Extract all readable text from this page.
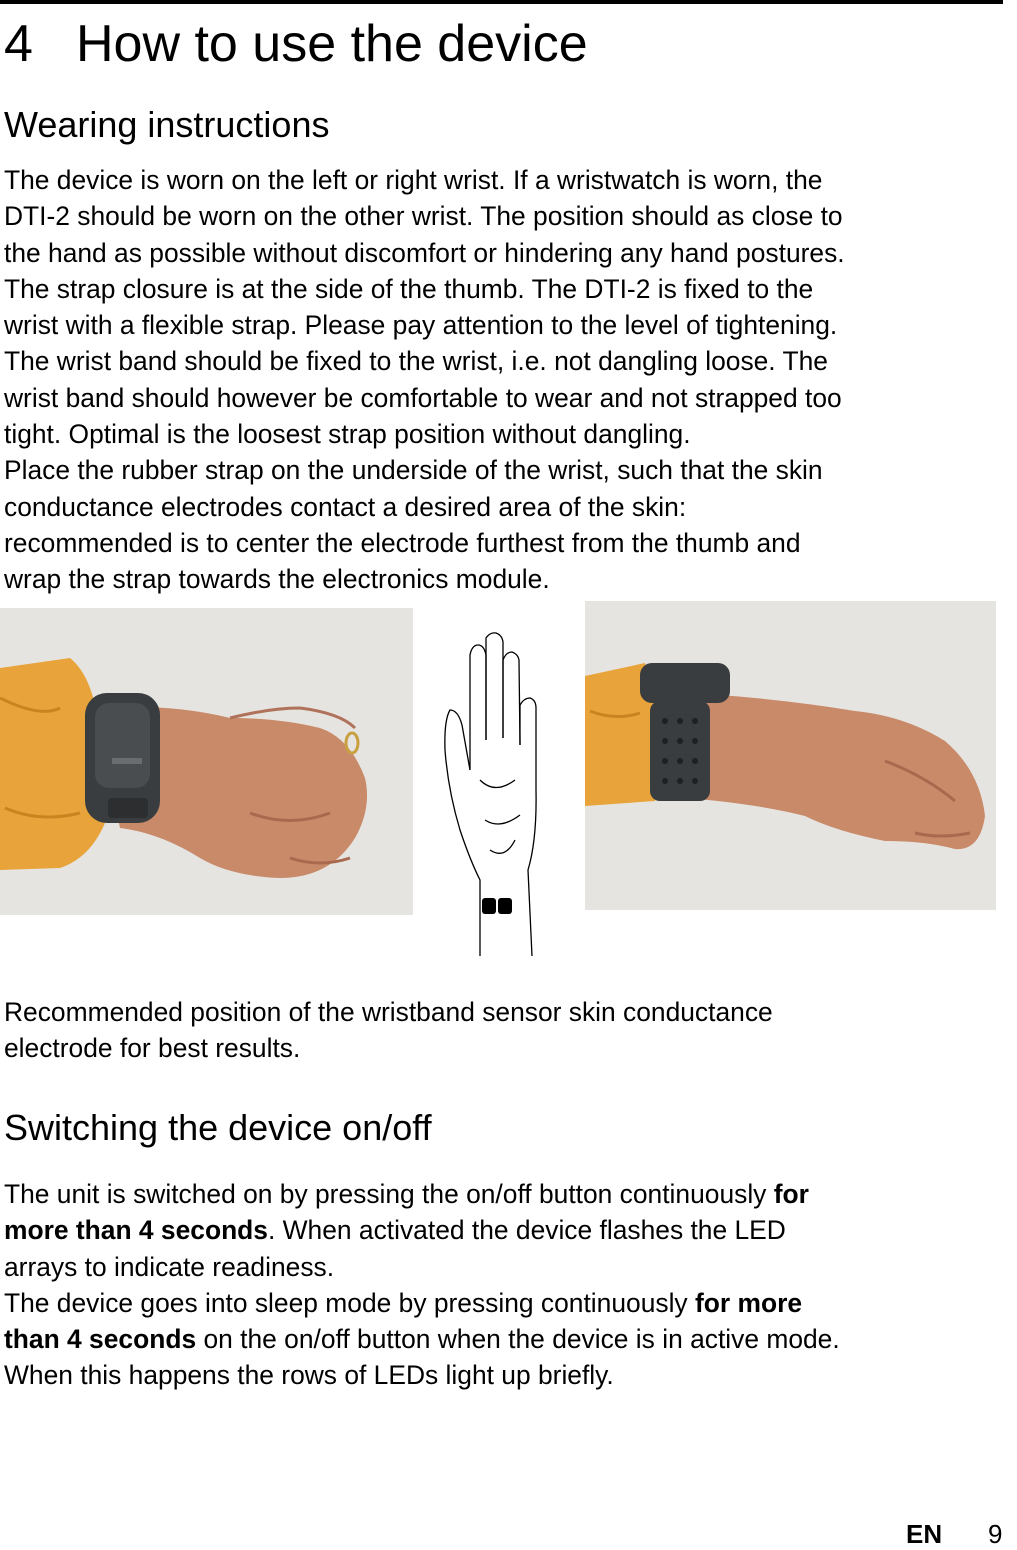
4 How to use the device
Wearing instructions
The device is worn on the left or right wrist. If a wristwatch is worn, the
DTI-2 should be worn on the other wrist. The position should as close to
the hand as possible without discomfort or hindering any hand postures.
The strap closure is at the side of the thumb. The DTI-2 is fixed to the
wrist with a flexible strap. Please pay attention to the level of tightening.
The wrist band should be fixed to the wrist, i.e. not dangling loose. The
wrist band should however be comfortable to wear and not strapped too
tight. Optimal is the loosest strap position without dangling.
Place the rubber strap on the underside of the wrist, such that the skin
conductance electrodes contact a desired area of the skin:
recommended is to center the electrode furthest from the thumb and
wrap the strap towards the electronics module.
Recommended position of the wristband sensor skin conductance
electrode for best results.
Switching the device on/off
The unit is switched on by pressing the on/off button continuously for
more than 4 seconds. When activated the device flashes the LED
arrays to indicate readiness.
The device goes into sleep mode by pressing continuously for more
than 4 seconds on the on/off button when the device is in active mode.
When this happens the rows of LEDs light up briefly.
EN 9
